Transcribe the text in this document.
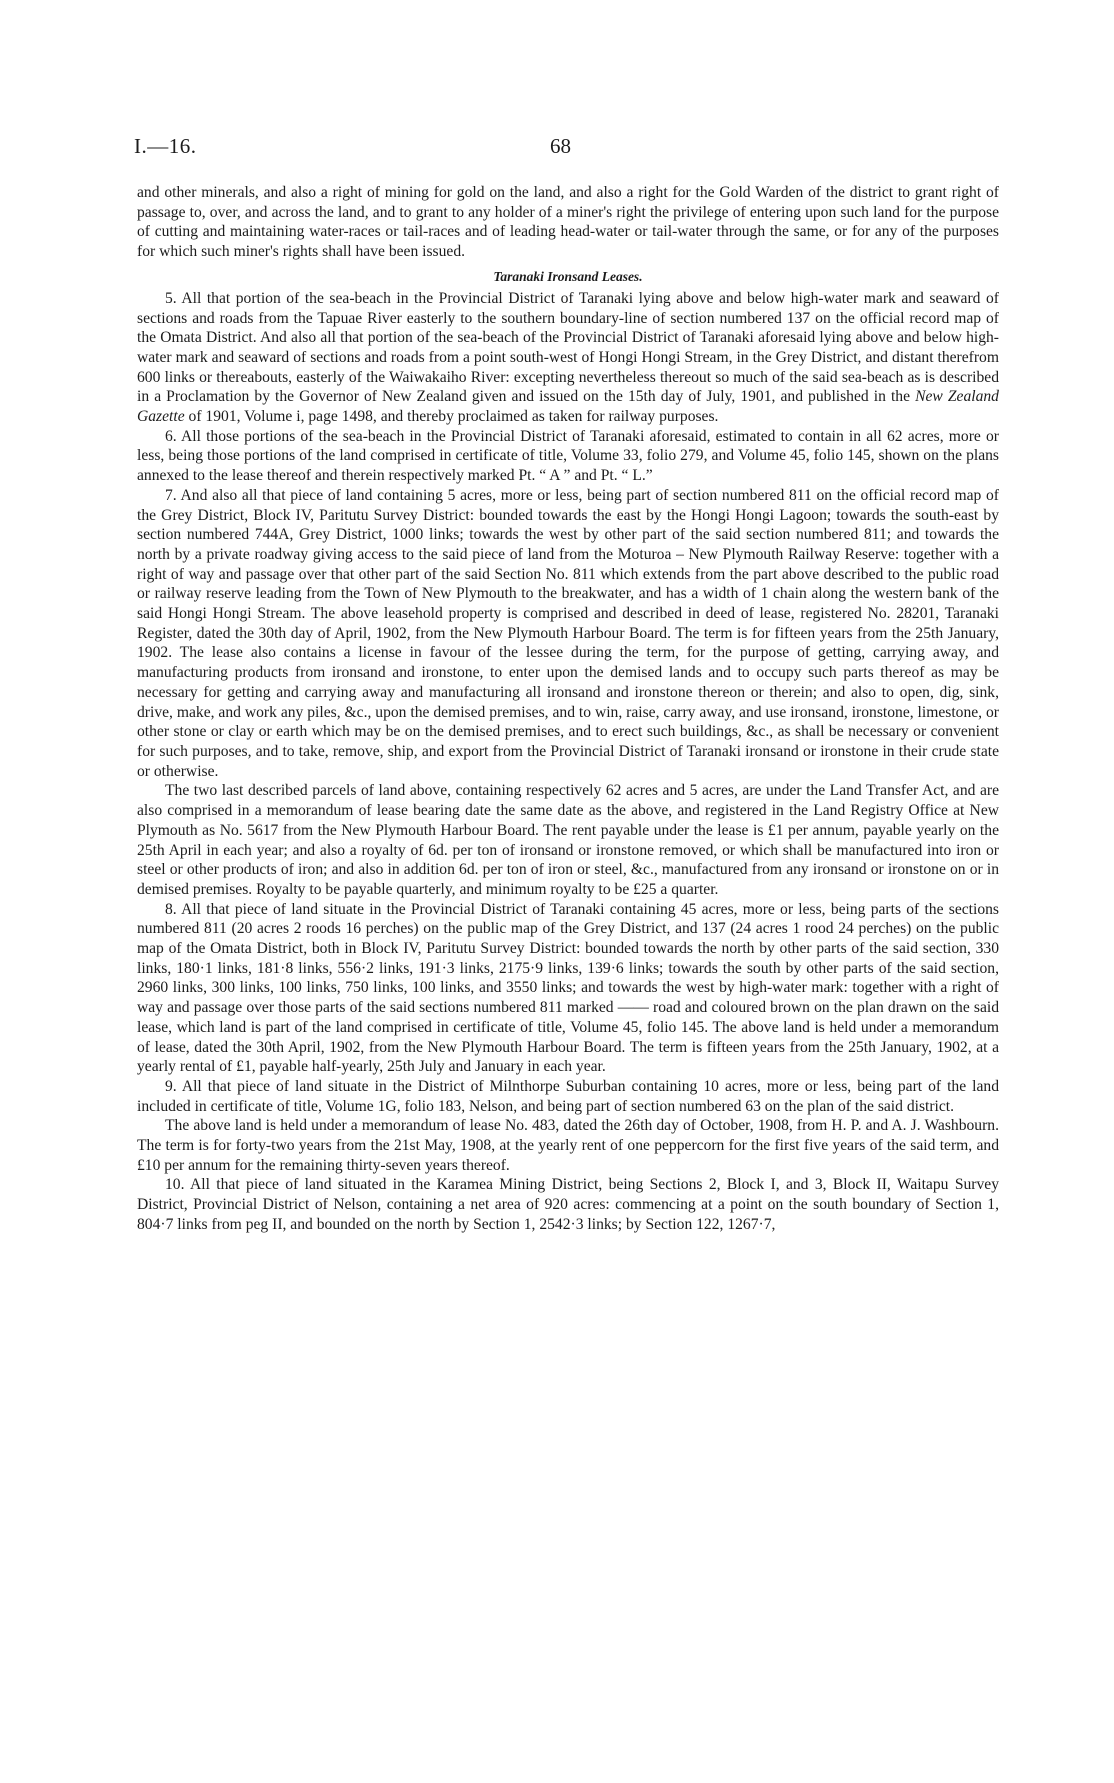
I.—16.	68

and other minerals, and also a right of mining for gold on the land, and also a right for the Gold Warden of the district to grant right of passage to, over, and across the land, and to grant to any holder of a miner's right the privilege of entering upon such land for the purpose of cutting and maintaining water-races or tail-races and of leading head-water or tail-water through the same, or for any of the purposes for which such miner's rights shall have been issued.

Taranaki Ironsand Leases.

5. All that portion of the sea-beach in the Provincial District of Taranaki lying above and below high-water mark and seaward of sections and roads from the Tapuae River easterly to the southern boundary-line of section numbered 137 on the official record map of the Omata District. And also all that portion of the sea-beach of the Provincial District of Taranaki aforesaid lying above and below high-water mark and seaward of sections and roads from a point south-west of Hongi Hongi Stream, in the Grey District, and distant therefrom 600 links or thereabouts, easterly of the Waiwakaiho River: excepting nevertheless thereout so much of the said sea-beach as is described in a Proclamation by the Governor of New Zealand given and issued on the 15th day of July, 1901, and published in the New Zealand Gazette of 1901, Volume i, page 1498, and thereby proclaimed as taken for railway purposes.

6. All those portions of the sea-beach in the Provincial District of Taranaki aforesaid, estimated to contain in all 62 acres, more or less, being those portions of the land comprised in certificate of title, Volume 33, folio 279, and Volume 45, folio 145, shown on the plans annexed to the lease thereof and therein respectively marked Pt. “ A ” and Pt. “ L.”

7. And also all that piece of land containing 5 acres, more or less, being part of section numbered 811 on the official record map of the Grey District, Block IV, Paritutu Survey District: bounded towards the east by the Hongi Hongi Lagoon; towards the south-east by section numbered 744A, Grey District, 1000 links; towards the west by other part of the said section numbered 811; and towards the north by a private roadway giving access to the said piece of land from the Moturoa – New Plymouth Railway Reserve: together with a right of way and passage over that other part of the said Section No. 811 which extends from the part above described to the public road or railway reserve leading from the Town of New Plymouth to the breakwater, and has a width of 1 chain along the western bank of the said Hongi Hongi Stream. The above leasehold property is comprised and described in deed of lease, registered No. 28201, Taranaki Register, dated the 30th day of April, 1902, from the New Plymouth Harbour Board. The term is for fifteen years from the 25th January, 1902. The lease also contains a license in favour of the lessee during the term, for the purpose of getting, carrying away, and manufacturing products from ironsand and ironstone, to enter upon the demised lands and to occupy such parts thereof as may be necessary for getting and carrying away and manufacturing all ironsand and ironstone thereon or therein; and also to open, dig, sink, drive, make, and work any piles, &c., upon the demised premises, and to win, raise, carry away, and use ironsand, ironstone, limestone, or other stone or clay or earth which may be on the demised premises, and to erect such buildings, &c., as shall be necessary or convenient for such purposes, and to take, remove, ship, and export from the Provincial District of Taranaki ironsand or ironstone in their crude state or otherwise.

The two last described parcels of land above, containing respectively 62 acres and 5 acres, are under the Land Transfer Act, and are also comprised in a memorandum of lease bearing date the same date as the above, and registered in the Land Registry Office at New Plymouth as No. 5617 from the New Plymouth Harbour Board. The rent payable under the lease is £1 per annum, payable yearly on the 25th April in each year; and also a royalty of 6d. per ton of ironsand or ironstone removed, or which shall be manufactured into iron or steel or other products of iron; and also in addition 6d. per ton of iron or steel, &c., manufactured from any ironsand or ironstone on or in demised premises. Royalty to be payable quarterly, and minimum royalty to be £25 a quarter.

8. All that piece of land situate in the Provincial District of Taranaki containing 45 acres, more or less, being parts of the sections numbered 811 (20 acres 2 roods 16 perches) on the public map of the Grey District, and 137 (24 acres 1 rood 24 perches) on the public map of the Omata District, both in Block IV, Paritutu Survey District: bounded towards the north by other parts of the said section, 330 links, 180·1 links, 181·8 links, 556·2 links, 191·3 links, 2175·9 links, 139·6 links; towards the south by other parts of the said section, 2960 links, 300 links, 100 links, 750 links, 100 links, and 3550 links; and towards the west by high-water mark: together with a right of way and passage over those parts of the said sections numbered 811 marked —— road and coloured brown on the plan drawn on the said lease, which land is part of the land comprised in certificate of title, Volume 45, folio 145. The above land is held under a memorandum of lease, dated the 30th April, 1902, from the New Plymouth Harbour Board. The term is fifteen years from the 25th January, 1902, at a yearly rental of £1, payable half-yearly, 25th July and January in each year.

9. All that piece of land situate in the District of Milnthorpe Suburban containing 10 acres, more or less, being part of the land included in certificate of title, Volume 1G, folio 183, Nelson, and being part of section numbered 63 on the plan of the said district.

The above land is held under a memorandum of lease No. 483, dated the 26th day of October, 1908, from H. P. and A. J. Washbourn. The term is for forty-two years from the 21st May, 1908, at the yearly rent of one peppercorn for the first five years of the said term, and £10 per annum for the remaining thirty-seven years thereof.

10. All that piece of land situated in the Karamea Mining District, being Sections 2, Block I, and 3, Block II, Waitapu Survey District, Provincial District of Nelson, containing a net area of 920 acres: commencing at a point on the south boundary of Section 1, 804·7 links from peg II, and bounded on the north by Section 1, 2542·3 links; by Section 122, 1267·7,
